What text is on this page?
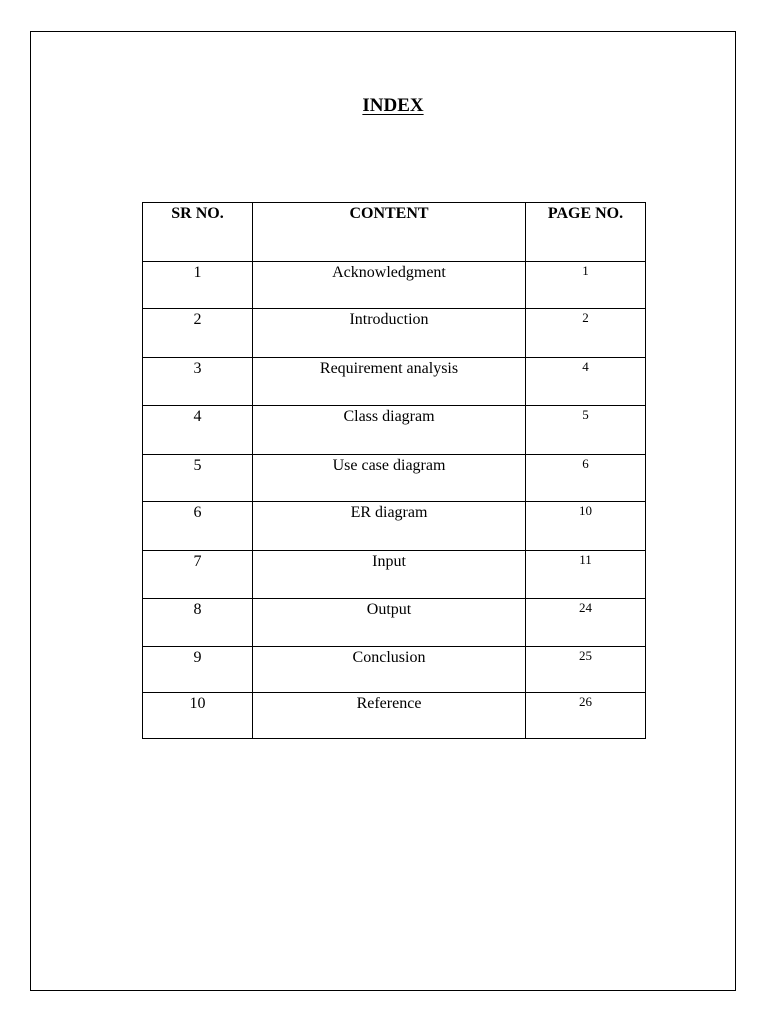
INDEX
SR NO.	CONTENT	PAGE NO.
1	Acknowledgment	1
2	Introduction	2
3	Requirement analysis	4
4	Class diagram	5
5	Use case diagram	6
6	ER diagram	10
7	Input	11
8	Output	24
9	Conclusion	25
10	Reference	26
